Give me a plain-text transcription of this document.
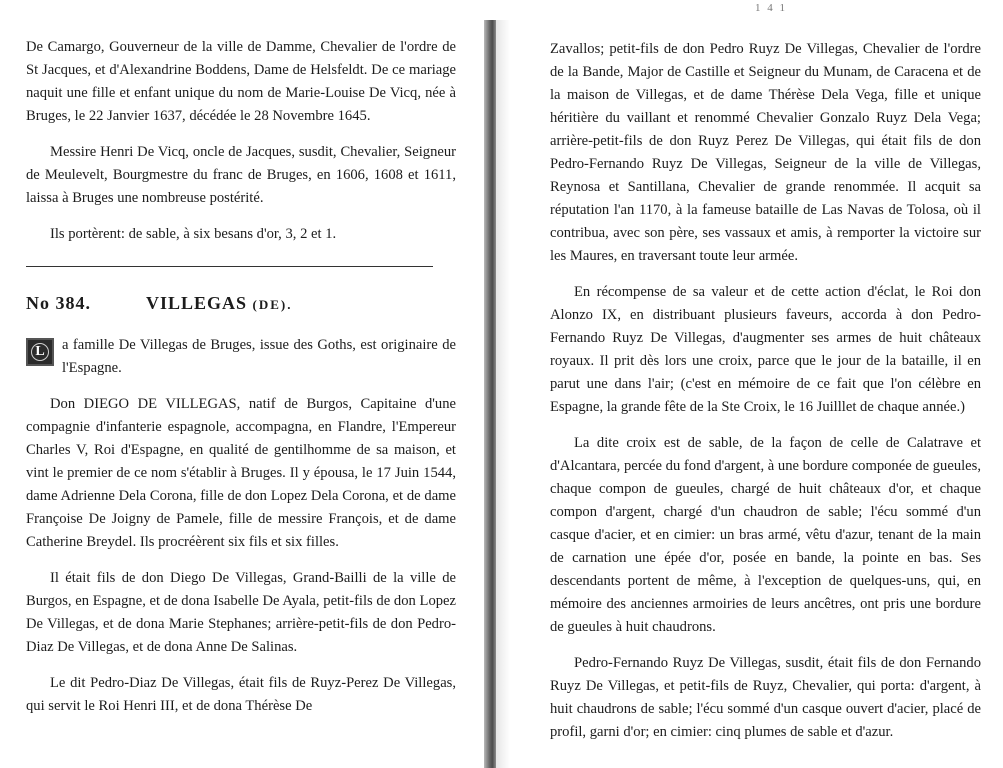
De Camargo, Gouverneur de la ville de Damme, Chevalier de l'ordre de St Jacques, et d'Alexandrine Boddens, Dame de Helsfeldt. De ce mariage naquit une fille et enfant unique du nom de Marie-Louise De Vicq, née à Bruges, le 22 Janvier 1637, décédée le 28 Novembre 1645.

Messire Henri De Vicq, oncle de Jacques, susdit, Chevalier, Seigneur de Meulevelt, Bourgmestre du franc de Bruges, en 1606, 1608 et 1611, laissa à Bruges une nombreuse postérité.

Ils portèrent: de sable, à six besans d'or, 3, 2 et 1.

No 384.	VILLEGAS
(DE).
L a famille De Villegas de Bruges, issue des Goths, est originaire de l'Espagne.

Don DIEGO DE VILLEGAS, natif de Burgos, Capitaine d'une compagnie d'infanterie espagnole, accompagna, en Flandre, l'Empereur Charles V, Roi d'Espagne, en qualité de gentilhomme de sa maison, et vint le premier de ce nom s'établir à Bruges. Il y épousa, le 17 Juin 1544, dame Adrienne Dela Corona, fille de don Lopez Dela Corona, et de dame Françoise De Joigny de Pamele, fille de messire François, et de dame Catherine Breydel. Ils procréèrent six fils et six filles.

Il était fils de don Diego De Villegas, Grand-Bailli de la ville de Burgos, en Espagne, et de dona Isabelle De Ayala, petit-fils de don Lopez De Villegas, et de dona Marie Stephanes; arrière-petit-fils de don Pedro-Diaz De Villegas, et de dona Anne De Salinas.

Le dit Pedro-Diaz De Villegas, était fils de Ruyz-Perez De Villegas, qui servit le Roi Henri III, et de dona Thérèse De

1 4 1

Zavallos; petit-fils de don Pedro Ruyz De Villegas, Chevalier de l'ordre de la Bande, Major de Castille et Seigneur du Munam, de Caracena et de la maison de Villegas, et de dame Thérèse Dela Vega, fille et unique héritière du vaillant et renommé Chevalier Gonzalo Ruyz Dela Vega; arrière-petit-fils de don Ruyz Perez De Villegas, qui était fils de don Pedro-Fernando Ruyz De Villegas, Seigneur de la ville de Villegas, Reynosa et Santillana, Chevalier de grande renommée. Il acquit sa réputation l'an 1170, à la fameuse bataille de Las Navas de Tolosa, où il contribua, avec son père, ses vassaux et amis, à remporter la victoire sur les Maures, en traversant toute leur armée.

En récompense de sa valeur et de cette action d'éclat, le Roi don Alonzo IX, en distribuant plusieurs faveurs, accorda à don Pedro-Fernando Ruyz De Villegas, d'augmenter ses armes de huit châteaux royaux. Il prit dès lors une croix, parce que le jour de la bataille, il en parut une dans l'air; (c'est en mémoire de ce fait que l'on célèbre en Espagne, la grande fête de la Ste Croix, le 16 Juilllet de chaque année.)

La dite croix est de sable, de la façon de celle de Calatrave et d'Alcantara, percée du fond d'argent, à une bordure componée de gueules, chaque compon de gueules, chargé de huit châteaux d'or, et chaque compon d'argent, chargé d'un chaudron de sable; l'écu sommé d'un casque d'acier, et en cimier: un bras armé, vêtu d'azur, tenant de la main de carnation une épée d'or, posée en bande, la pointe en bas. Ses descendants portent de même, à l'exception de quelques-uns, qui, en mémoire des anciennes armoiries de leurs ancêtres, ont pris une bordure de gueules à huit chaudrons.

Pedro-Fernando Ruyz De Villegas, susdit, était fils de don Fernando Ruyz De Villegas, et petit-fils de Ruyz, Chevalier, qui porta: d'argent, à huit chaudrons de sable; l'écu sommé d'un casque ouvert d'acier, placé de profil, garni d'or; en cimier: cinq plumes de sable et d'azur.
